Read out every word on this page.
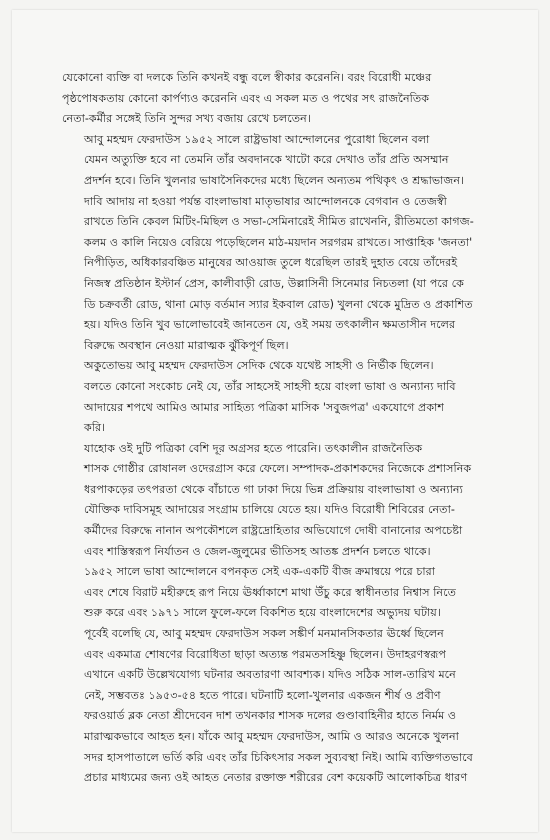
যেকোনো ব্যক্তি বা দলকে তিনি কখনই বন্ধু বলে স্বীকার করেননি। বরং বিরোধী মঞ্চের
পৃষ্ঠপোষকতায় কোনো কার্পণ্যও করেননি এবং এ সকল মত ও পথের সৎ রাজনৈতিক
নেতা-কর্মীর সঙ্গেই তিনি সুন্দর সখ্য বজায় রেখে চলতেন।
আবু মহম্মদ ফেরদাউস ১৯৫২ সালে রাষ্ট্রভাষা আন্দোলনের পুরোধা ছিলেন বলা
যেমন অত্যুক্তি হবে না তেমনি তাঁর অবদানকে খাটো করে দেখাও তাঁর প্রতি অসম্মান
প্রদর্শন হবে। তিনি খুলনার ভাষাসৈনিকদের মধ্যে ছিলেন অন্যতম পথিকৃৎ ও শ্রদ্ধাভাজন।
দাবি আদায় না হওয়া পর্যন্ত বাংলাভাষা মাতৃভাষার আন্দোলনকে বেগবান ও তেজস্বী
রাখতে তিনি কেবল মিটিং-মিছিল ও সভা-সেমিনারেই সীমিত রাখেননি, রীতিমতো কাগজ-
কলম ও কালি নিয়েও বেরিয়ে পড়েছিলেন মাঠ-ময়দান সরগরম রাখতে। সাপ্তাহিক 'জনতা'
নিপীড়িত, অধিকারবঞ্চিত মানুষের আওয়াজ তুলে ধরেছিল তারই দুহাত বেয়ে তাঁদেরই
নিজস্ব প্রতিষ্ঠান ইস্টার্ন প্রেস, কালীবাড়ী রোড, উল্লাসিনী সিনেমার নিচতলা (যা পরে কে
ডি চক্রবর্তী রোড, থানা মোড় বর্তমান স্যার ইকবাল রোড) খুলনা থেকে মুদ্রিত ও প্রকাশিত
হয়। যদিও তিনি খুব ভালোভাবেই জানতেন যে, ওই সময় তৎকালীন ক্ষমতাসীন দলের
বিরুদ্ধে অবস্থান নেওয়া মারাত্মক ঝুঁকিপূর্ণ ছিল।
অকুতোভয় আবু মহম্মদ ফেরদাউস সেদিক থেকে যথেষ্ট সাহসী ও নির্ভীক ছিলেন।
বলতে কোনো সংকোচ নেই যে, তাঁর সাহসেই সাহসী হয়ে বাংলা ভাষা ও অন্যান্য দাবি
আদায়ের শপথে আমিও আমার সাহিত্য পত্রিকা মাসিক 'সবুজপত্র' একযোগে প্রকাশ
করি।
যাহোক ওই দুটি পত্রিকা বেশি দূর অগ্রসর হতে পারেনি। তৎকালীন রাজনৈতিক
শাসক গোষ্ঠীর রোষানল ওদেরগ্রাস করে ফেলে। সম্পাদক-প্রকাশকদের নিজেকে প্রশাসনিক
ধরপাকড়ের তৎপরতা থেকে বাঁচাতে গা ঢাকা দিয়ে ভিন্ন প্রক্রিয়ায় বাংলাভাষা ও অন্যান্য
যৌক্তিক দাবিসমূহ আদায়ের সংগ্রাম চালিয়ে যেতে হয়। যদিও বিরোধী শিবিরের নেতা-
কর্মীদের বিরুদ্ধে নানান অপকৌশলে রাষ্ট্রদ্রোহিতার অভিযোগে দোষী বানানোর অপচেষ্টা
এবং শাস্তিস্বরূপ নির্যাতন ও জেল-জুলুমের ভীতিসহ আতঙ্ক প্রদর্শন চলতে থাকে।
১৯৫২ সালে ভাষা আন্দোলনে বপনকৃত সেই এক-একটি বীজ ক্রমান্বয়ে পরে চারা
এবং শেষে বিরাট মহীরুহে রূপ নিয়ে ঊর্ধ্বাকাশে মাথা উঁচু করে স্বাধীনতার নিশ্বাস নিতে
শুরু করে এবং ১৯৭১ সালে ফুলে-ফলে বিকশিত হয়ে বাংলাদেশের অভ্যুদয় ঘটায়।
পূর্বেই বলেছি যে, আবু মহম্মদ ফেরদাউস সকল সঙ্কীর্ণ মনমানসিকতার ঊর্ধ্বে ছিলেন
এবং একমাত্র শোষণের বিরোধিতা ছাড়া অত্যন্ত পরমতসহিষ্ণু ছিলেন। উদাহরণস্বরূপ
এখানে একটি উল্লেখযোগ্য ঘটনার অবতারণা আবশ্যক। যদিও সঠিক সাল-তারিখ মনে
নেই, সম্ভবতঃ ১৯৫৩-৫৪ হতে পারে। ঘটনাটি হলো-খুলনার একজন শীর্ষ ও প্রবীণ
ফরওয়ার্ড ব্লক নেতা শ্রীদেবেন দাশ তখনকার শাসক দলের গুণ্ডাবাহিনীর হাতে নির্মম ও
মারাত্মকভাবে আহত হন। যাঁকে আবু মহম্মদ ফেরদাউস, আমি ও আরও অনেকে খুলনা
সদর হাসপাতালে ভর্তি করি এবং তাঁর চিকিৎসার সকল সুব্যবস্থা নিই। আমি ব্যক্তিগতভাবে
প্রচার মাধ্যমের জন্য ওই আহত নেতার রক্তাক্ত শরীরের বেশ কয়েকটি আলোকচিত্র ধারণ
